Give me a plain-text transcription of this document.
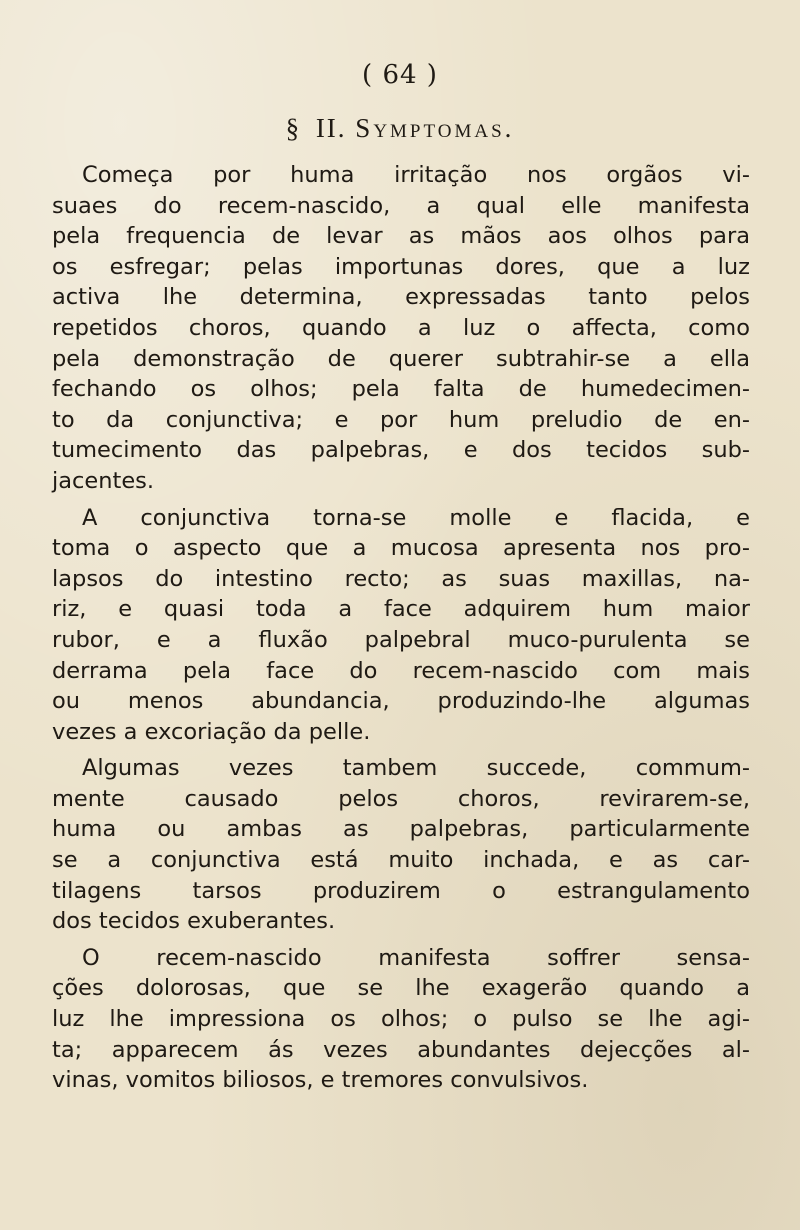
( 64 )
§ II. Symptomas.
Começa por huma irritação nos orgãos vi-
suaes do recem-nascido, a qual elle manifesta
pela frequencia de levar as mãos aos olhos para
os esfregar; pelas importunas dores, que a luz
activa lhe determina, expressadas tanto pelos
repetidos choros, quando a luz o affecta, como
pela demonstração de querer subtrahir-se a ella
fechando os olhos; pela falta de humedecimen-
to da conjunctiva; e por hum preludio de en-
tumecimento das palpebras, e dos tecidos sub-
jacentes.
A conjunctiva torna-se molle e flacida, e
toma o aspecto que a mucosa apresenta nos pro-
lapsos do intestino recto; as suas maxillas, na-
riz, e quasi toda a face adquirem hum maior
rubor, e a fluxão palpebral muco-purulenta se
derrama pela face do recem-nascido com mais
ou menos abundancia, produzindo-lhe algumas
vezes a excoriação da pelle.
Algumas vezes tambem succede, commum-
mente causado pelos choros, revirarem-se,
huma ou ambas as palpebras, particularmente
se a conjunctiva está muito inchada, e as car-
tilagens tarsos produzirem o estrangulamento
dos tecidos exuberantes.
O recem-nascido manifesta soffrer sensa-
ções dolorosas, que se lhe exagerão quando a
luz lhe impressiona os olhos; o pulso se lhe agi-
ta; apparecem ás vezes abundantes dejecções al-
vinas, vomitos biliosos, e tremores convulsivos.
